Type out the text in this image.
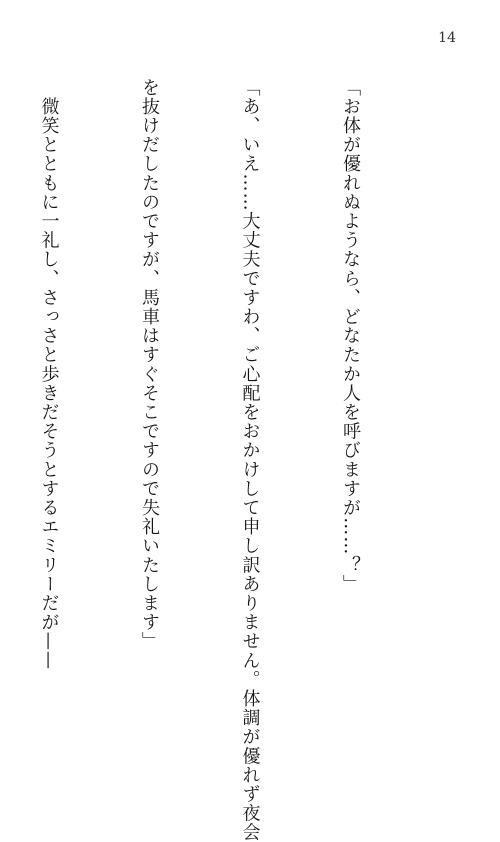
14

「お体が優れぬようなら、どなたか人を呼びますが……？」

「あ、いえ……大丈夫ですわ、ご心配をおかけして申し訳ありません。体調が優れず夜会

を抜けだしたのですが、馬車はすぐそこですので失礼いたします」

　微笑とともに一礼し、さっさと歩きだそうとするエミリーだが——
